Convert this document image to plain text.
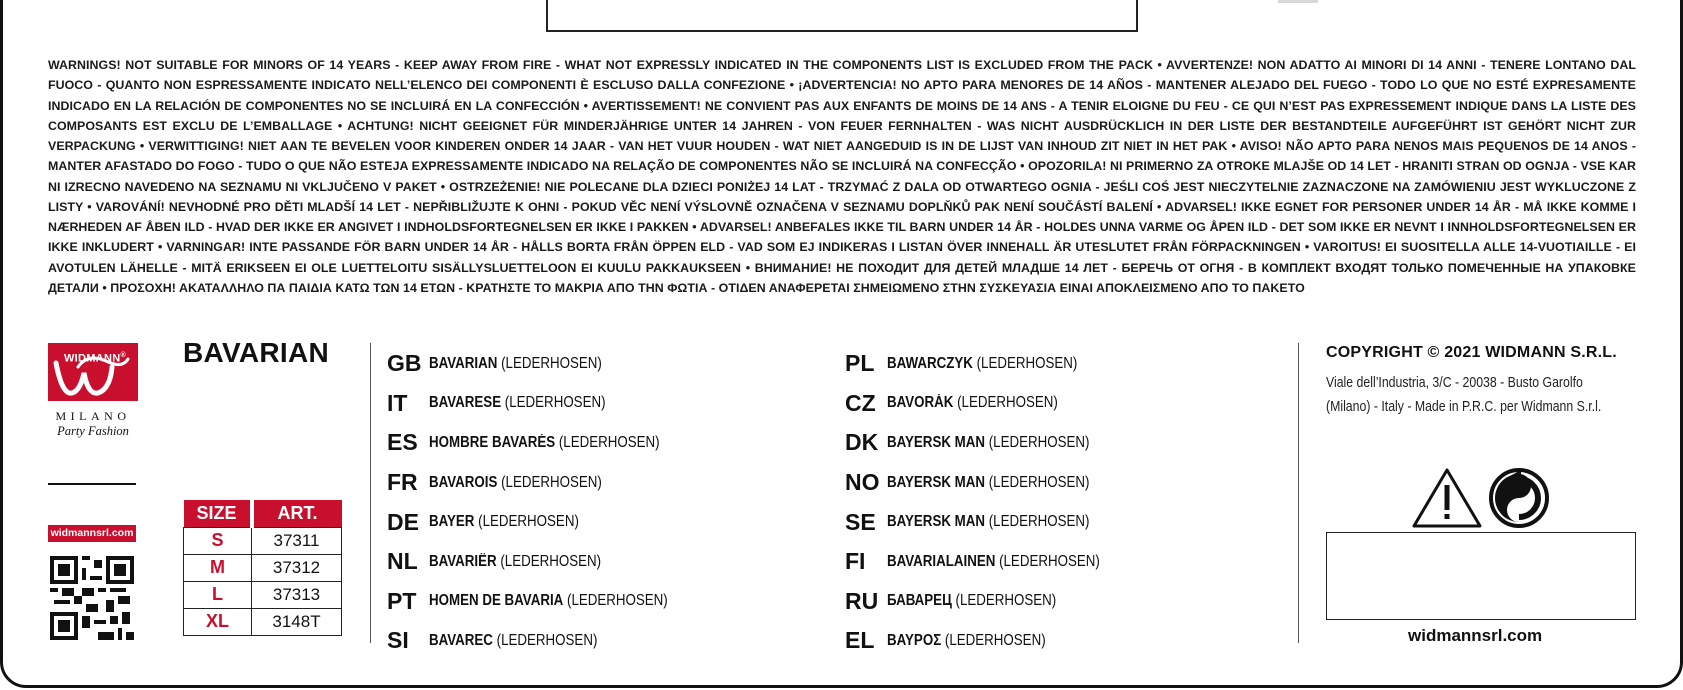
WARNINGS! NOT SUITABLE FOR MINORS OF 14 YEARS - KEEP AWAY FROM FIRE - WHAT NOT EXPRESSLY INDICATED IN THE COMPONENTS LIST IS EXCLUDED FROM THE PACK • AVVERTENZE! NON ADATTO AI MINORI DI 14 ANNI - TENERE LONTANO DAL FUOCO - QUANTO NON ESPRESSAMENTE INDICATO NELL’ELENCO DEI COMPONENTI È ESCLUSO DALLA CONFEZIONE • ¡ADVERTENCIA! NO APTO PARA MENORES DE 14 AÑOS - MANTENER ALEJADO DEL FUEGO - TODO LO QUE NO ESTÉ EXPRESAMENTE INDICADO EN LA RELACIÓN DE COMPONENTES NO SE INCLUIRÁ EN LA CONFECCIÓN • AVERTISSEMENT! NE CONVIENT PAS AUX ENFANTS DE MOINS DE 14 ANS - A TENIR ELOIGNE DU FEU - CE QUI N’EST PAS EXPRESSEMENT INDIQUE DANS LA LISTE DES COMPOSANTS EST EXCLU DE L’EMBALLAGE • ACHTUNG! NICHT GEEIGNET FÜR MINDERJÄHRIGE UNTER 14 JAHREN - VON FEUER FERNHALTEN - WAS NICHT AUSDRÜCKLICH IN DER LISTE DER BESTANDTEILE AUFGEFÜHRT IST GEHÖRT NICHT ZUR VERPACKUNG • VERWITTIGING! NIET AAN TE BEVELEN VOOR KINDEREN ONDER 14 JAAR - VAN HET VUUR HOUDEN - WAT NIET AANGEDUID IS IN DE LIJST VAN INHOUD ZIT NIET IN HET PAK • AVISO! NÃO APTO PARA NENOS MAIS PEQUENOS DE 14 ANOS - MANTER AFASTADO DO FOGO - TUDO O QUE NÃO ESTEJA EXPRESSAMENTE INDICADO NA RELAÇÃO DE COMPONENTES NÃO SE INCLUIRÁ NA CONFECÇÃO • OPOZORILA! NI PRIMERNO ZA OTROKE MLAJŠE OD 14 LET - HRANITI STRAN OD OGNJA - VSE KAR NI IZRECNO NAVEDENO NA SEZNAMU NI VKLJUČENO V PAKET • OSTRZEŻENIE! NIE POLECANE DLA DZIECI PONIŻEJ 14 LAT - TRZYMAĆ Z DALA OD OTWARTEGO OGNIA - JEŚLI COŚ JEST NIECZYTELNIE ZAZNACZONE NA ZAMÓWIENIU JEST WYKLUCZONE Z LISTY • VAROVÁNÍ! NEVHODNÉ PRO DĚTI MLADŠÍ 14 LET - NEPŘIBLIŽUJTE K OHNI - POKUD VĚC NENÍ VÝSLOVNĚ OZNAČENA V SEZNAMU DOPLŇKŮ PAK NENÍ SOUČÁSTÍ BALENÍ • ADVARSEL! IKKE EGNET FOR PERSONER UNDER 14 ÅR - MÅ IKKE KOMME I NÆRHEDEN AF ÅBEN ILD - HVAD DER IKKE ER ANGIVET I INDHOLDSFORTEGNELSEN ER IKKE I PAKKEN • ADVARSEL! ANBEFALES IKKE TIL BARN UNDER 14 ÅR - HOLDES UNNA VARME OG ÅPEN ILD - DET SOM IKKE ER NEVNT I INNHOLDSFORTEGNELSEN ER IKKE INKLUDERT • VARNINGAR! INTE PASSANDE FÖR BARN UNDER 14 ÅR - HÅLLS BORTA FRÅN ÖPPEN ELD - VAD SOM EJ INDIKERAS I LISTAN ÖVER INNEHALL ÄR UTESLUTET FRÅN FÖRPACKNINGEN • VAROITUS! EI SUOSITELLA ALLE 14-VUOTIAILLE - EI AVOTULEN LÄHELLE - MITÄ ERIKSEEN EI OLE LUETTELOITU SISÄLLYSLUETTELOON EI KUULU PAKKAUKSEEN • ВНИМАНИЕ! НЕ ПОХОДИТ ДЛЯ ДЕТЕЙ МЛАДШЕ 14 ЛЕТ - БЕРЕЧЬ ОТ ОГНЯ - В КОМПЛЕКТ ВХОДЯТ ТОЛЬКО ПОМЕЧЕННЫЕ НА УПАКОВКЕ ДЕТАЛИ • ΠΡΟΣΟΧΗ! ΑΚΑΤΑΛΛΗΛΟ ΠΑ ΠΑΙΔΙΑ ΚΑΤΩ ΤΩΝ 14 ΕΤΩΝ - ΚΡΑΤΗΣΤΕ ΤΟ ΜΑΚΡΙΑ ΑΠΟ ΤΗΝ ΦΩΤΙΑ - ΟΤΙΔΕΝ ΑΝΑΦΕΡΕΤΑΙ ΣΗΜΕΙΩΜΕΝΟ ΣΤΗΝ ΣΥΣΚΕΥΑΣΙΑ ΕΙΝΑΙ ΑΠΟΚΛΕΙΣΜΕΝΟ ΑΠΟ ΤΟ ΠΑΚΕΤΟ

WIDMANN®
MILANO
Party Fashion
widmannsrl.com
BAVARIAN
SIZE	ART.
S	37311
M	37312
L	37313
XL	3148T
GB BAVARIAN (LEDERHOSEN)
IT	BAVARESE (LEDERHOSEN)
ES HOMBRE BAVARÉS (LEDERHOSEN)
FR BAVAROIS (LEDERHOSEN)
DE BAYER (LEDERHOSEN)
NL BAVARIËR (LEDERHOSEN)
PT HOMEN DE BAVARIA (LEDERHOSEN)
SI	BAVAREC (LEDERHOSEN)
PL BAWARCZYK (LEDERHOSEN)
CZ BAVORÁK (LEDERHOSEN)
DK BAYERSK MAN (LEDERHOSEN)
NO BAYERSK MAN (LEDERHOSEN)
SE BAYERSK MAN (LEDERHOSEN)
FI	BAVARIALAINEN (LEDERHOSEN)
RU БАВАРЕЦ (LEDERHOSEN)
EL ΒΑΥΡΟΣ (LEDERHOSEN)
COPYRIGHT © 2021 WIDMANN S.R.L.
Viale dell’Industria, 3/C - 20038 - Busto Garolfo
(Milano) - Italy - Made in P.R.C. per Widmann S.r.l.
widmannsrl.com
